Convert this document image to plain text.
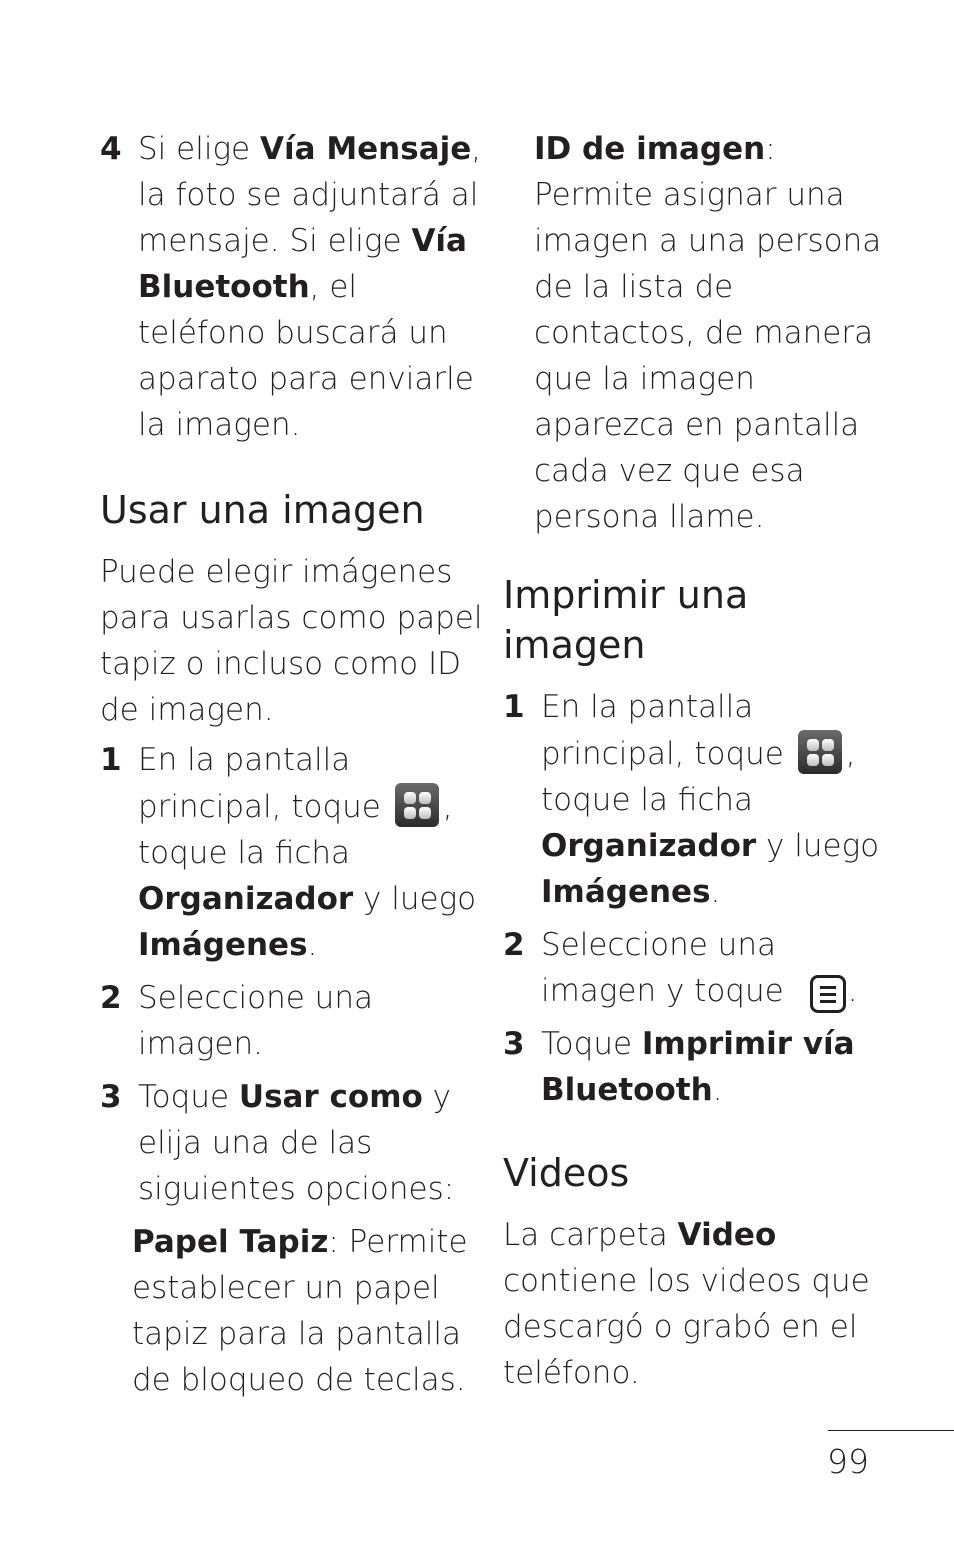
4 Si elige Vía Mensaje, la foto se adjuntará al mensaje. Si elige Vía Bluetooth, el teléfono buscará un aparato para enviarle la imagen.
Usar una imagen

Puede elegir imágenes para usarlas como papel tapiz o incluso como ID de imagen.

1 En la pantalla principal, toque
, toque la ficha Organizador y luego Imágenes.
2 Seleccione una imagen.
3 Toque Usar como y elija una de las siguientes opciones:

Papel Tapiz: Permite establecer un papel tapiz para la pantalla de bloqueo de teclas.

ID de imagen: Permite asignar una imagen a una persona de la lista de contactos, de manera que la imagen aparezca en pantalla cada vez que esa persona llame.

Imprimir una imagen
1 En la pantalla principal, toque
, toque la ficha Organizador y luego Imágenes.
2 Seleccione una imagen y toque
.
3 Toque Imprimir vía Bluetooth.
Videos

La carpeta Video contiene los videos que descargó o grabó en el teléfono.

99
